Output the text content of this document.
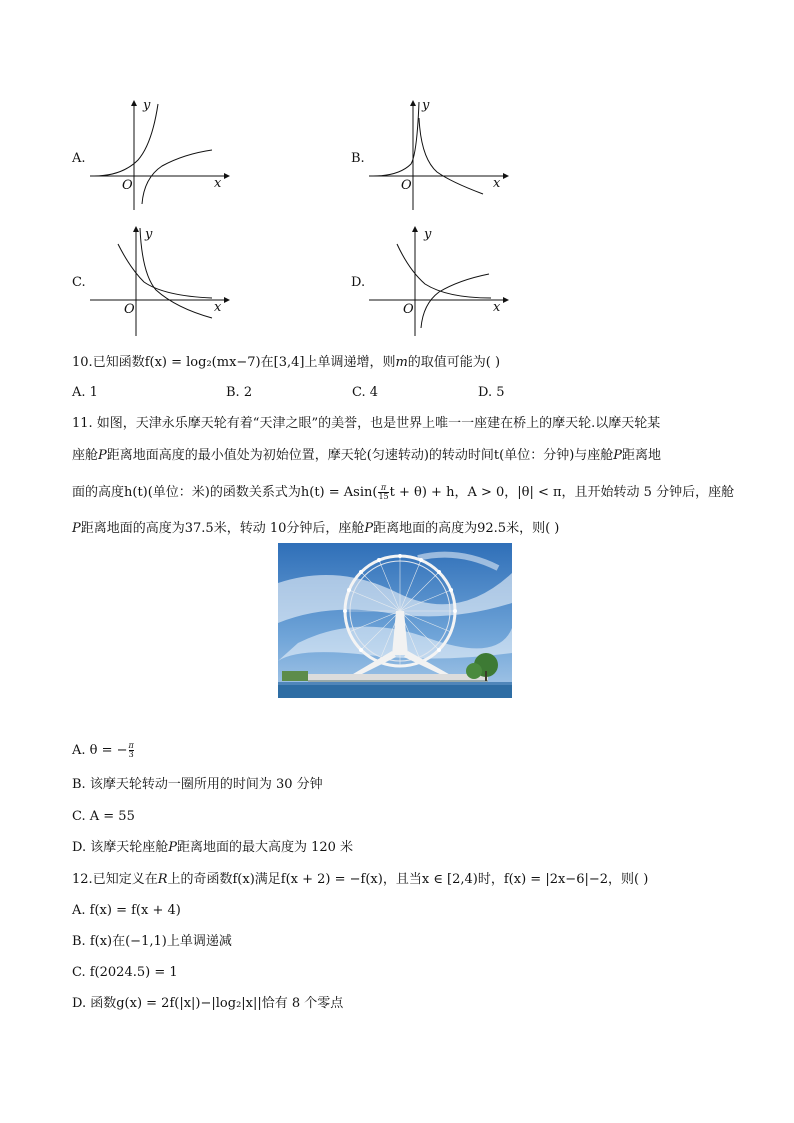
A.
y
x
O
B.
y
x
O
C.
y
x
O
D.
y
x
O
10.已知函数f(x) = log₂(mx−7)在[3,4]上单调递增，则m的取值可能为( )
A. 1	B. 2	C. 4	D. 5
11. 如图，天津永乐摩天轮有着“天津之眼”的美誉，也是世界上唯一一座建在桥上的摩天轮.以摩天轮某
座舱P距离地面高度的最小值处为初始位置，摩天轮(匀速转动)的转动时间t(单位：分钟)与座舱P距离地
面的高度h(t)(单位：米)的函数关系式为$h(t) = Asin( \frac{\pi}{15}$ t + θ) + h，A > 0，|θ| < π，且开始转动 5 分钟后，座舱
P距离地面的高度为37.5米，转动 10分钟后，座舱P距离地面的高度为92.5米，则( )
A. θ = − $\frac{\pi}{3}$
B. 该摩天轮转动一圈所用的时间为 30 分钟
C. A = 55
D. 该摩天轮座舱P距离地面的最大高度为 120 米
12.已知定义在R上的奇函数f(x)满足f(x + 2) = −f(x)，且当x ∈ [2,4)时，f(x) = |2x−6|−2，则( )
A. f(x) = f(x + 4)
B. f(x)在(−1,1)上单调递减
C. f(2024.5) = 1
D. 函数g(x) = 2f(|x|)−|log₂|x||恰有 8 个零点
